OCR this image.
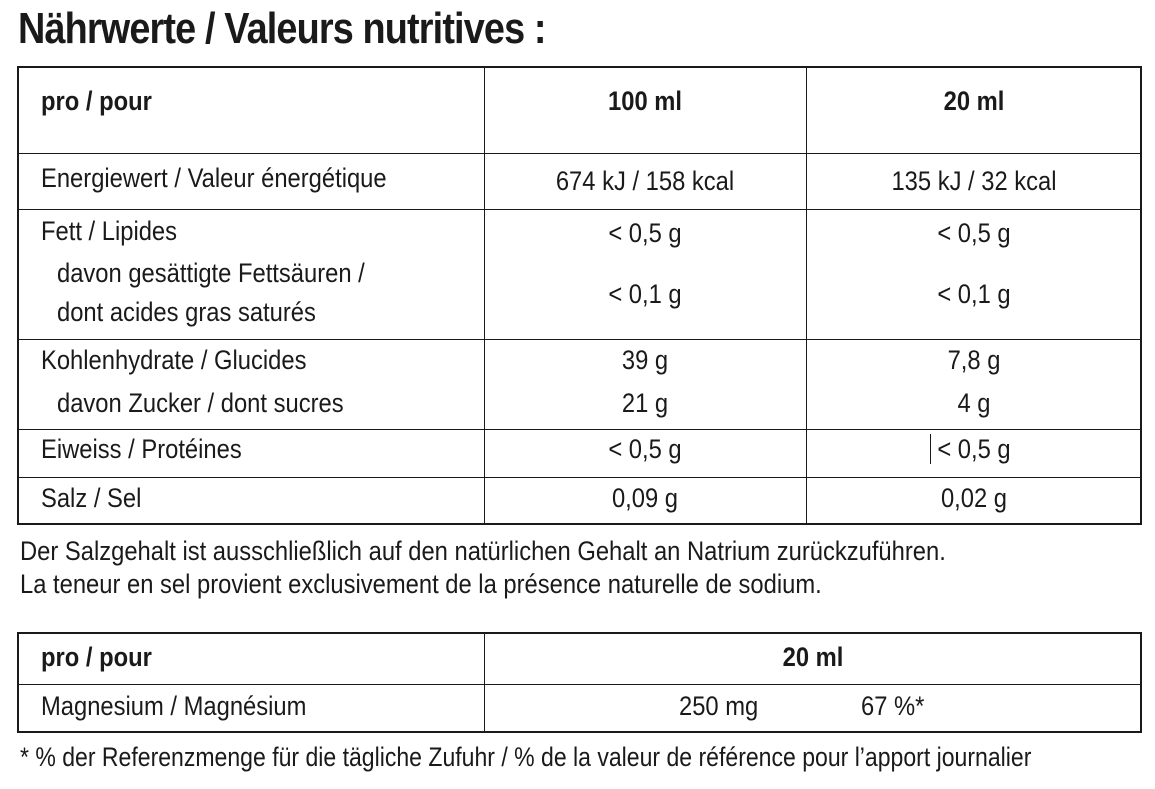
Nährwerte / Valeurs nutritives :
pro / pour	100 ml	20 ml
Energiewert / Valeur énergétique	674 kJ / 158 kcal	135 kJ / 32 kcal
Fett / Lipides	< 0,5 g	< 0,5 g
davon gesättigte Fettsäuren /
dont acides gras saturés
< 0,1 g	< 0,1 g
Kohlenhydrate / Glucides	39 g	7,8 g
davon Zucker / dont sucres	21 g	4 g
Eiweiss / Protéines	< 0,5 g	< 0,5 g
Salz / Sel	0,09 g	0,02 g
Der Salzgehalt ist ausschließlich auf den natürlichen Gehalt an Natrium zurückzuführen.
La teneur en sel provient exclusivement de la présence naturelle de sodium.
pro / pour	20 ml
Magnesium / Magnésium	250 mg	67 %*
* % der Referenzmenge für die tägliche Zufuhr / % de la valeur de référence pour l’apport journalier
